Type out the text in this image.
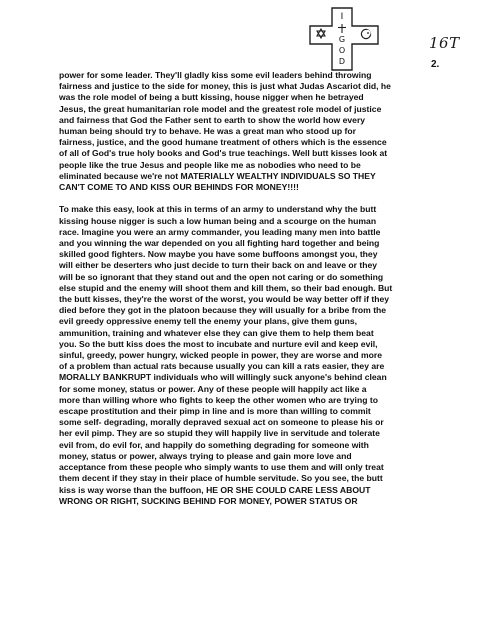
I
G
O
D
16T
2.
power for some leader. They'll gladly kiss some evil leaders behind throwing
fairness and justice to the side for money, this is just what Judas Ascariot did, he
was the role model of being a butt kissing, house nigger when he betrayed
Jesus, the great humanitarian role model and the greatest role model of justice
and fairness that God the Father sent to earth to show the world how every
human being should try to behave. He was a great man who stood up for
fairness, justice, and the good humane treatment of others which is the essence
of all of God's true holy books and God's true teachings. Well butt kisses look at
people like the true Jesus and people like me as nobodies who need to be
eliminated because we're not MATERIALLY WEALTHY INDIVIDUALS SO THEY
CAN'T COME TO AND KISS OUR BEHINDS FOR MONEY!!!!
To make this easy, look at this in terms of an army to understand why the butt
kissing house nigger is such a low human being and a scourge on the human
race. Imagine you were an army commander, you leading many men into battle
and you winning the war depended on you all fighting hard together and being
skilled good fighters. Now maybe you have some buffoons amongst you, they
will either be deserters who just decide to turn their back on and leave or they
will be so ignorant that they stand out and the open not caring or do something
else stupid and the enemy will shoot them and kill them, so their bad enough. But
the butt kisses, they're the worst of the worst, you would be way better off if they
died before they got in the platoon because they will usually for a bribe from the
evil greedy oppressive enemy tell the enemy your plans, give them guns,
ammunition, training and whatever else they can give them to help them beat
you. So the butt kiss does the most to incubate and nurture evil and keep evil,
sinful, greedy, power hungry, wicked people in power, they are worse and more
of a problem than actual rats because usually you can kill a rats easier, they are
MORALLY BANKRUPT individuals who will willingly suck anyone's behind clean
for some money, status or power. Any of these people will happily act like a
more than willing whore who fights to keep the other women who are trying to
escape prostitution and their pimp in line and is more than willing to commit
some self- degrading, morally depraved sexual act on someone to please his or
her evil pimp. They are so stupid they will happily live in servitude and tolerate
evil from, do evil for, and happily do something degrading for someone with
money, status or power, always trying to please and gain more love and
acceptance from these people who simply wants to use them and will only treat
them decent if they stay in their place of humble servitude. So you see, the butt
kiss is way worse than the buffoon, HE OR SHE COULD CARE LESS ABOUT
WRONG OR RIGHT, SUCKING BEHIND FOR MONEY, POWER STATUS OR
